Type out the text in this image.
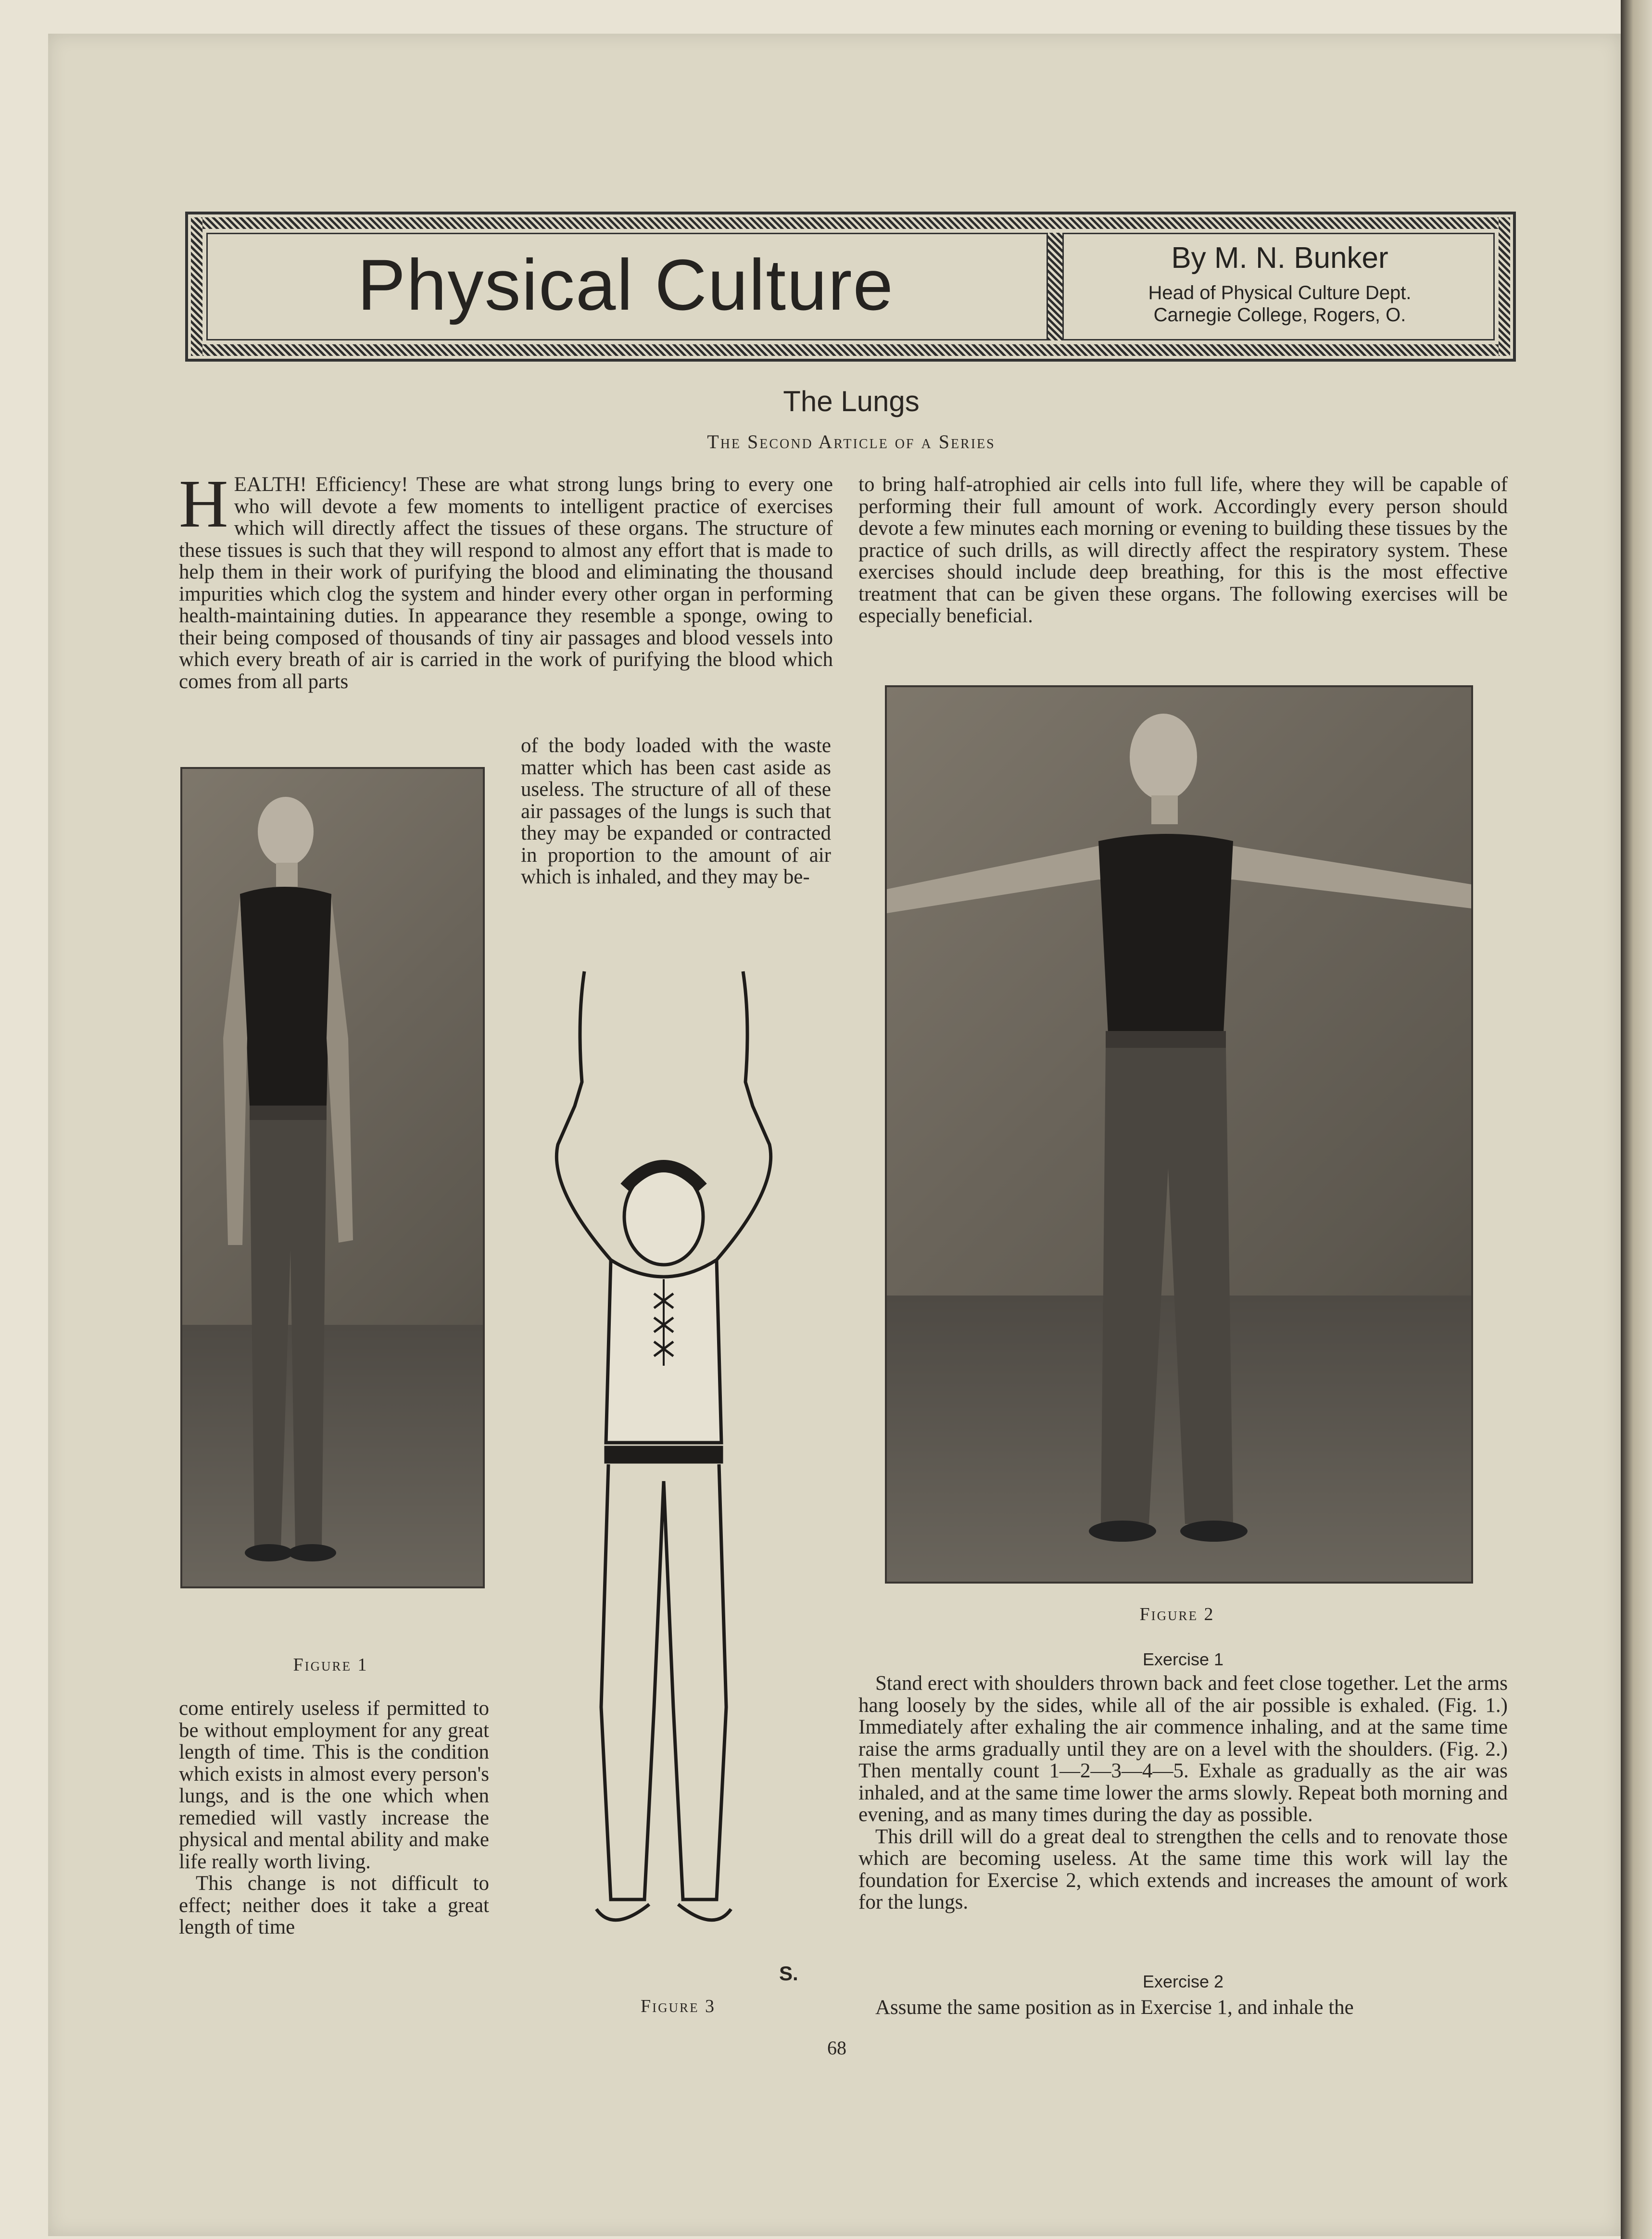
Physical Culture	By M. N. Bunker
Head of Physical Culture Dept.
Carnegie College, Rogers, O.
The Lungs
The Second Article of a Series
HEALTH! Efficiency! These are what strong lungs bring to every one who will devote a few moments to intelligent practice of exercises which will directly affect the tissues of these organs. The structure of these tissues is such that they will respond to almost any effort that is made to help them in their work of purifying the blood and eliminating the thousand impurities which clog the system and hinder every other organ in performing health-maintaining duties. In appearance they resemble a sponge, owing to their being composed of thousands of tiny air passages and blood vessels into which every breath of air is carried in the work of purifying the blood which comes from all parts
Figure 1
of the body loaded with the waste matter which has been cast aside as useless. The structure of all of these air passages of the lungs is such that they may be expanded or contracted in proportion to the amount of air which is inhaled, and they may be-
S.
Figure 3
come entirely useless if permitted to be without employment for any great length of time. This is the condition which exists in almost every person's lungs, and is the one which when remedied will vastly increase the physical and mental ability and make life really worth living.
This change is not difficult to effect; neither does it take a great length of time
to bring half-atrophied air cells into full life, where they will be capable of performing their full amount of work. Accordingly every person should devote a few minutes each morning or evening to building these tissues by the practice of such drills, as will directly affect the respiratory system. These exercises should include deep breathing, for this is the most effective treatment that can be given these organs. The following exercises will be especially beneficial.
Figure 2
Exercise 1
Stand erect with shoulders thrown back and feet close together. Let the arms hang loosely by the sides, while all of the air possible is exhaled. (Fig. 1.) Immediately after exhaling the air commence inhaling, and at the same time raise the arms gradually until they are on a level with the shoulders. (Fig. 2.) Then mentally count 1—2—3—4—5. Exhale as gradually as the air was inhaled, and at the same time lower the arms slowly. Repeat both morning and evening, and as many times during the day as possible.
This drill will do a great deal to strengthen the cells and to renovate those which are becoming useless. At the same time this work will lay the foundation for Exercise 2, which extends and increases the amount of work for the lungs.
Exercise 2
Assume the same position as in Exercise 1, and inhale the
68
